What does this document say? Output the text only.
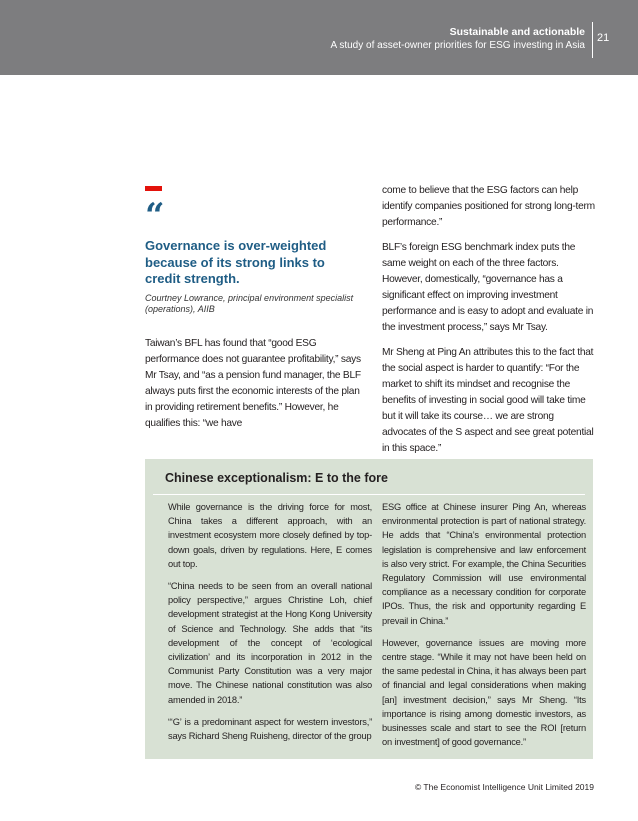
Sustainable and actionable
A study of asset-owner priorities for ESG investing in Asia
21
“
Governance is over-weighted because of its strong links to credit strength.
Courtney Lowrance, principal environment specialist (operations), AIIB

Taiwan’s BFL has found that “good ESG performance does not guarantee profitability,” says Mr Tsay, and “as a pension fund manager, the BLF always puts first the economic interests of the plan in providing retirement benefits.” However, he qualifies this: “we have

come to believe that the ESG factors can help identify companies positioned for strong long-term performance.”

BLF’s foreign ESG benchmark index puts the same weight on each of the three factors. However, domestically, “governance has a significant effect on improving investment performance and is easy to adopt and evaluate in the investment process,” says Mr Tsay.

Mr Sheng at Ping An attributes this to the fact that the social aspect is harder to quantify: “For the market to shift its mindset and recognise the benefits of investing in social good will take time but it will take its course… we are strong advocates of the S aspect and see great potential in this space.”

Chinese exceptionalism: E to the fore

While governance is the driving force for most, China takes a different approach, with an investment ecosystem more closely defined by top-down goals, driven by regulations. Here, E comes out top.

“China needs to be seen from an overall national policy perspective,” argues Christine Loh, chief development strategist at the Hong Kong University of Science and Technology. She adds that “its development of the concept of ‘ecological civilization’ and its incorporation in 2012 in the Communist Party Constitution was a very major move. The Chinese national constitution was also amended in 2018.”

“‘G’ is a predominant aspect for western investors,” says Richard Sheng Ruisheng, director of the group

ESG office at Chinese insurer Ping An, whereas environmental protection is part of national strategy. He adds that “China’s environmental protection legislation is comprehensive and law enforcement is also very strict. For example, the China Securities Regulatory Commission will use environmental compliance as a necessary condition for corporate IPOs. Thus, the risk and opportunity regarding E prevail in China.”

However, governance issues are moving more centre stage. “While it may not have been held on the same pedestal in China, it has always been part of financial and legal considerations when making [an] investment decision,” says Mr Sheng. “Its importance is rising among domestic investors, as businesses scale and start to see the ROI [return on investment] of good governance.”

© The Economist Intelligence Unit Limited 2019
